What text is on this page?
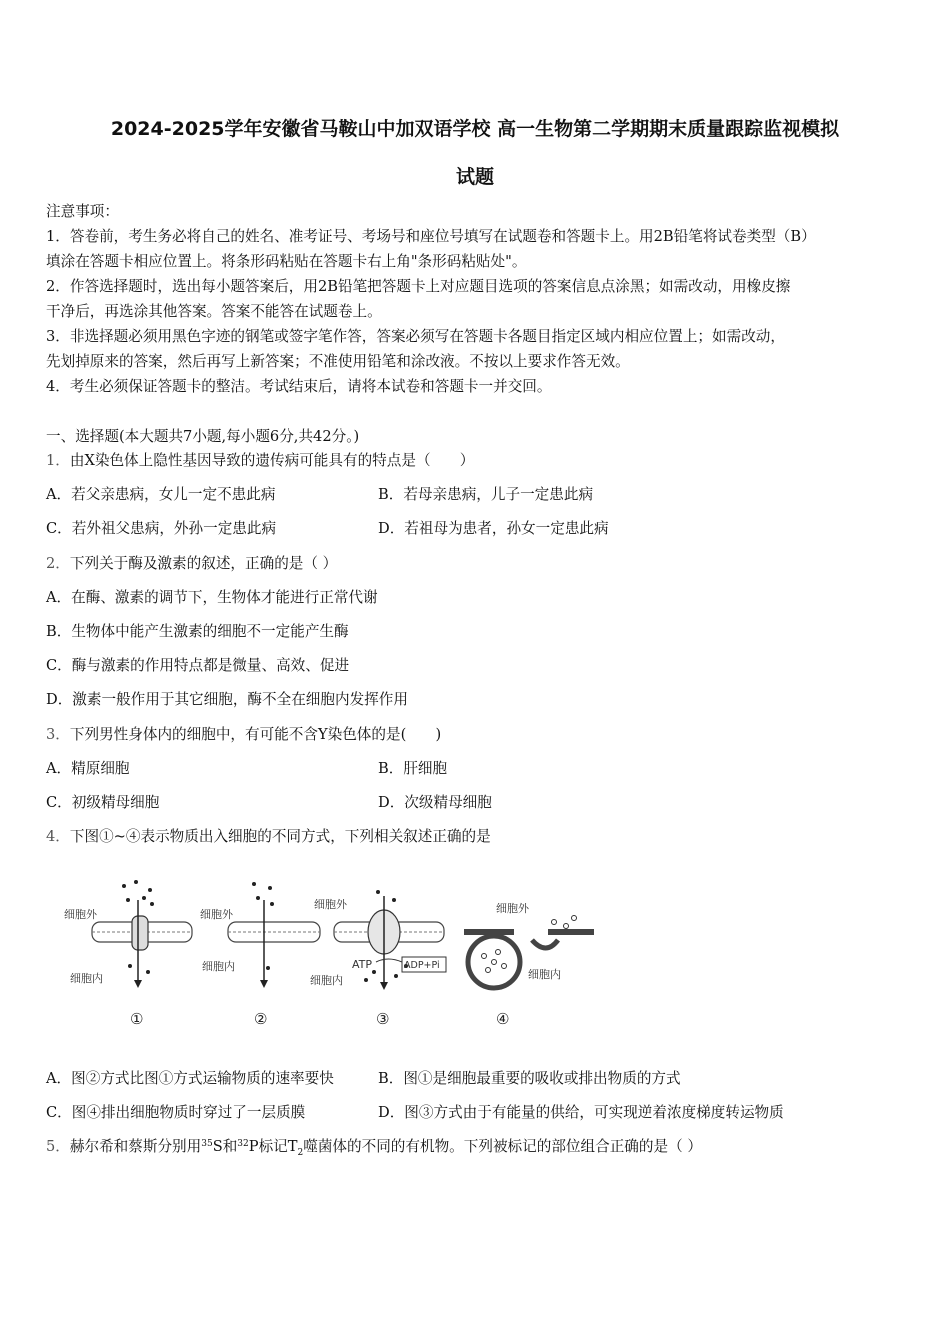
2024-2025学年安徽省马鞍山中加双语学校 高一生物第二学期期末质量跟踪监视模拟
试题
注意事项：
1．答卷前，考生务必将自己的姓名、准考证号、考场号和座位号填写在试题卷和答题卡上。用2B铅笔将试卷类型（B）
填涂在答题卡相应位置上。将条形码粘贴在答题卡右上角"条形码粘贴处"。
2．作答选择题时，选出每小题答案后，用2B铅笔把答题卡上对应题目选项的答案信息点涂黑；如需改动，用橡皮擦
干净后，再选涂其他答案。答案不能答在试题卷上。
3．非选择题必须用黑色字迹的钢笔或签字笔作答，答案必须写在答题卡各题目指定区域内相应位置上；如需改动，
先划掉原来的答案，然后再写上新答案；不准使用铅笔和涂改液。不按以上要求作答无效。
4．考生必须保证答题卡的整洁。考试结束后，请将本试卷和答题卡一并交回。
一、选择题(本大题共7小题,每小题6分,共42分。)
1．由X染色体上隐性基因导致的遗传病可能具有的特点是（　　）
A．若父亲患病，女儿一定不患此病	B．若母亲患病，儿子一定患此病
C．若外祖父患病，外孙一定患此病	D．若祖母为患者，孙女一定患此病
2．下列关于酶及激素的叙述，正确的是（ ）
A．在酶、激素的调节下，生物体才能进行正常代谢
B．生物体中能产生激素的细胞不一定能产生酶
C．酶与激素的作用特点都是微量、高效、促进
D．激素一般作用于其它细胞，酶不全在细胞内发挥作用
3．下列男性身体内的细胞中，有可能不含Y染色体的是(　　)
A．精原细胞	B．肝细胞
C．初级精母细胞	D．次级精母细胞
4．下图①~④表示物质出入细胞的不同方式，下列相关叙述正确的是
细胞外
细胞内
①
细胞外
细胞内
②
细胞外
ATP	ADP+Pi
细胞内
③
细胞外
细胞内
④
A．图②方式比图①方式运输物质的速率要快	B．图①是细胞最重要的吸收或排出物质的方式
C．图④排出细胞物质时穿过了一层质膜	D．图③方式由于有能量的供给，可实现逆着浓度梯度转运物质
5．赫尔希和蔡斯分别用$^{35}$S和$^{32}$P标记$T_2$噬菌体的不同的有机物。下列被标记的部位组合正确的是（ ）
